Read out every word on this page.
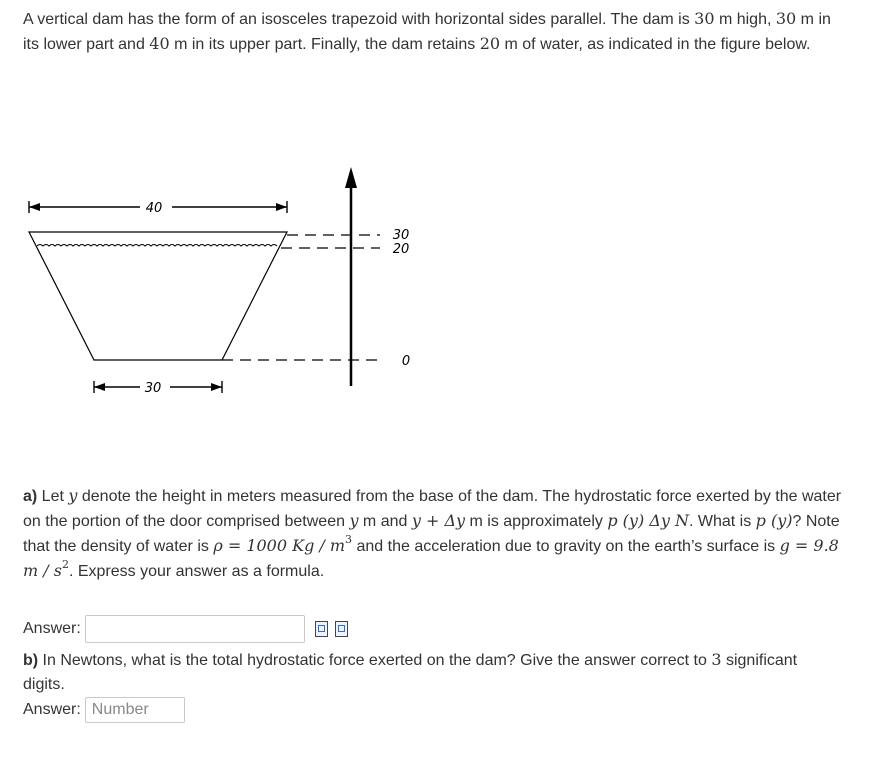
A vertical dam has the form of an isosceles trapezoid with horizontal sides parallel. The dam is 30 m high, 30 m in its lower part and 40 m in its upper part. Finally, the dam retains 20 m of water, as indicated in the figure below.
40
30
20
0
30
a) Let y denote the height in meters measured from the base of the dam. The hydrostatic force exerted by the water on the portion of the door comprised between y m and y + Δy m is approximately p (y) Δy N. What is p (y)? Note that the density of water is ρ = 1000 Kg / $m^3$ and the acceleration due to gravity on the earth’s surface is g = 9.8 m / $s^2$. Express your answer as a formula.
Answer:
b) In Newtons, what is the total hydrostatic force exerted on the dam? Give the answer correct to 3 significant digits.
Answer:
Number
